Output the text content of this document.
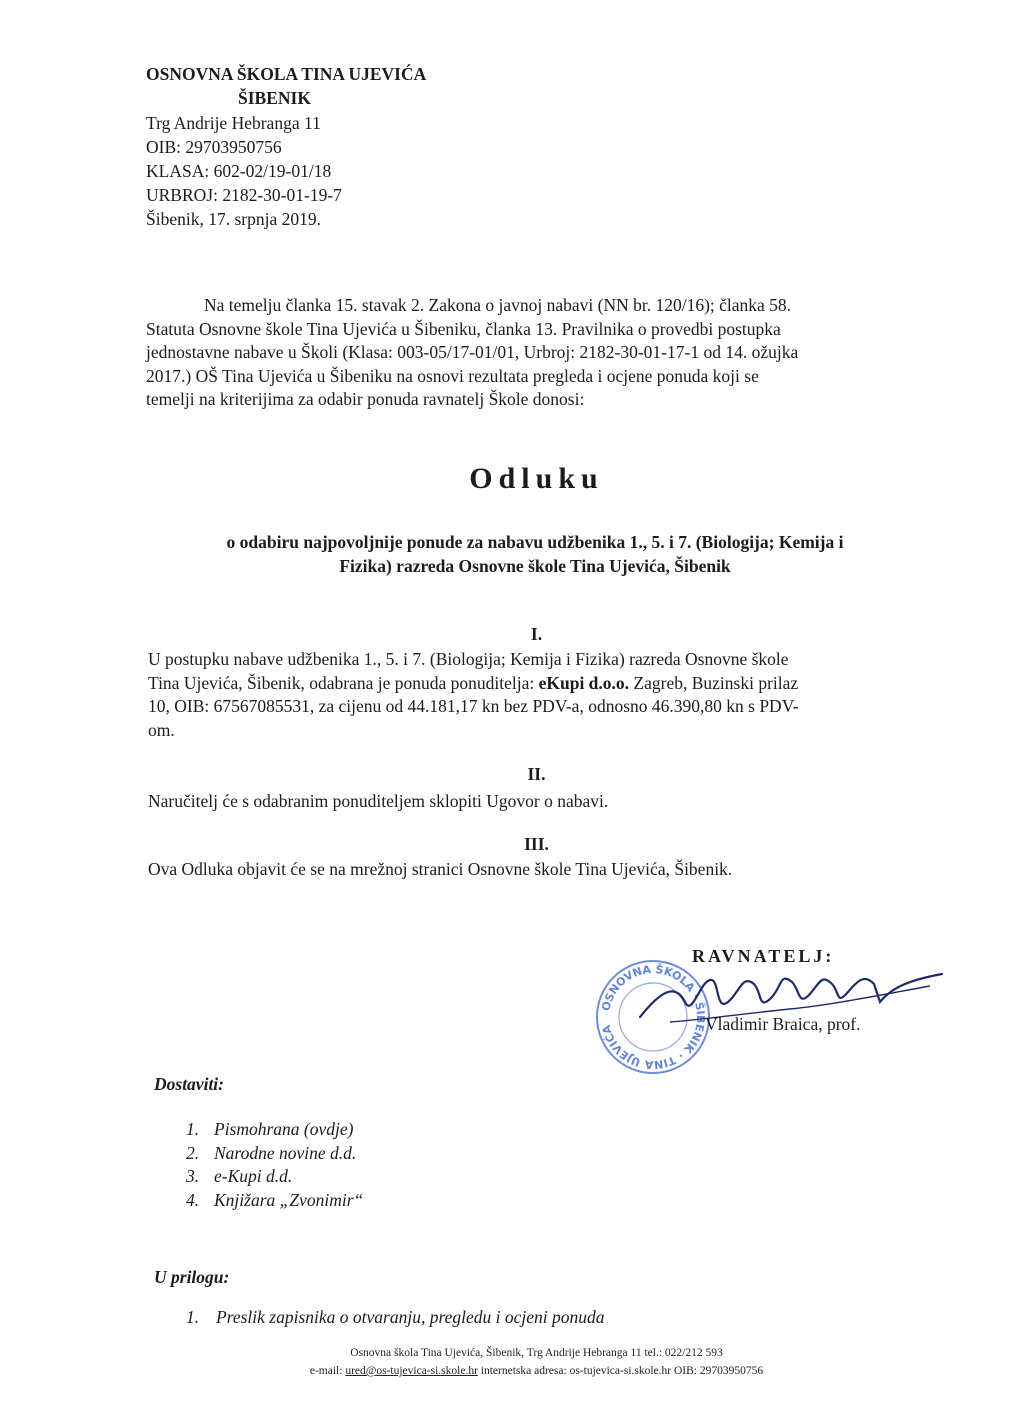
OSNOVNA ŠKOLA TINA UJEVIĆA
ŠIBENIK
Trg Andrije Hebranga 11
OIB: 29703950756
KLASA: 602-02/19-01/18
URBROJ: 2182-30-01-19-7
Šibenik, 17. srpnja 2019.
Na temelju članka 15. stavak 2. Zakona o javnoj nabavi (NN br. 120/16); članka 58.
Statuta Osnovne škole Tina Ujevića u Šibeniku, članka 13. Pravilnika o provedbi postupka
jednostavne nabave u Školi (Klasa: 003-05/17-01/01, Urbroj: 2182-30-01-17-1 od 14. ožujka
2017.) OŠ Tina Ujevića u Šibeniku na osnovi rezultata pregleda i ocjene ponuda koji se
temelji na kriterijima za odabir ponuda ravnatelj Škole donosi:
Odluku
o odabiru najpovoljnije ponude za nabavu udžbenika 1., 5. i 7. (Biologija; Kemija i
Fizika) razreda Osnovne škole Tina Ujevića, Šibenik
I.
U postupku nabave udžbenika 1., 5. i 7. (Biologija; Kemija i Fizika) razreda Osnovne škole
Tina Ujevića, Šibenik, odabrana je ponuda ponuditelja: eKupi d.o.o. Zagreb, Buzinski prilaz
10, OIB: 67567085531, za cijenu od 44.181,17 kn bez PDV-a, odnosno 46.390,80 kn s PDV-
om.
II.
Naručitelj će s odabranim ponuditeljem sklopiti Ugovor o nabavi.
III.
Ova Odluka objavit će se na mrežnoj stranici Osnovne škole Tina Ujevića, Šibenik.
OSNOVNA ŠKOLA · ŠIBENIK · TINA UJEVIĆA
RAVNATELJ:
Vladimir Braica, prof.
Dostaviti:
1. Pismohrana (ovdje)
2. Narodne novine d.d.
3. e-Kupi d.d.
4. Knjižara „Zvonimir“
U prilogu:
1. Preslik zapisnika o otvaranju, pregledu i ocjeni ponuda
Osnovna škola Tina Ujevića, Šibenik, Trg Andrije Hebranga 11 tel.: 022/212 593
e-mail: ured@os-tujevica-si.skole.hr internetska adresa: os-tujevica-si.skole.hr OIB: 29703950756
